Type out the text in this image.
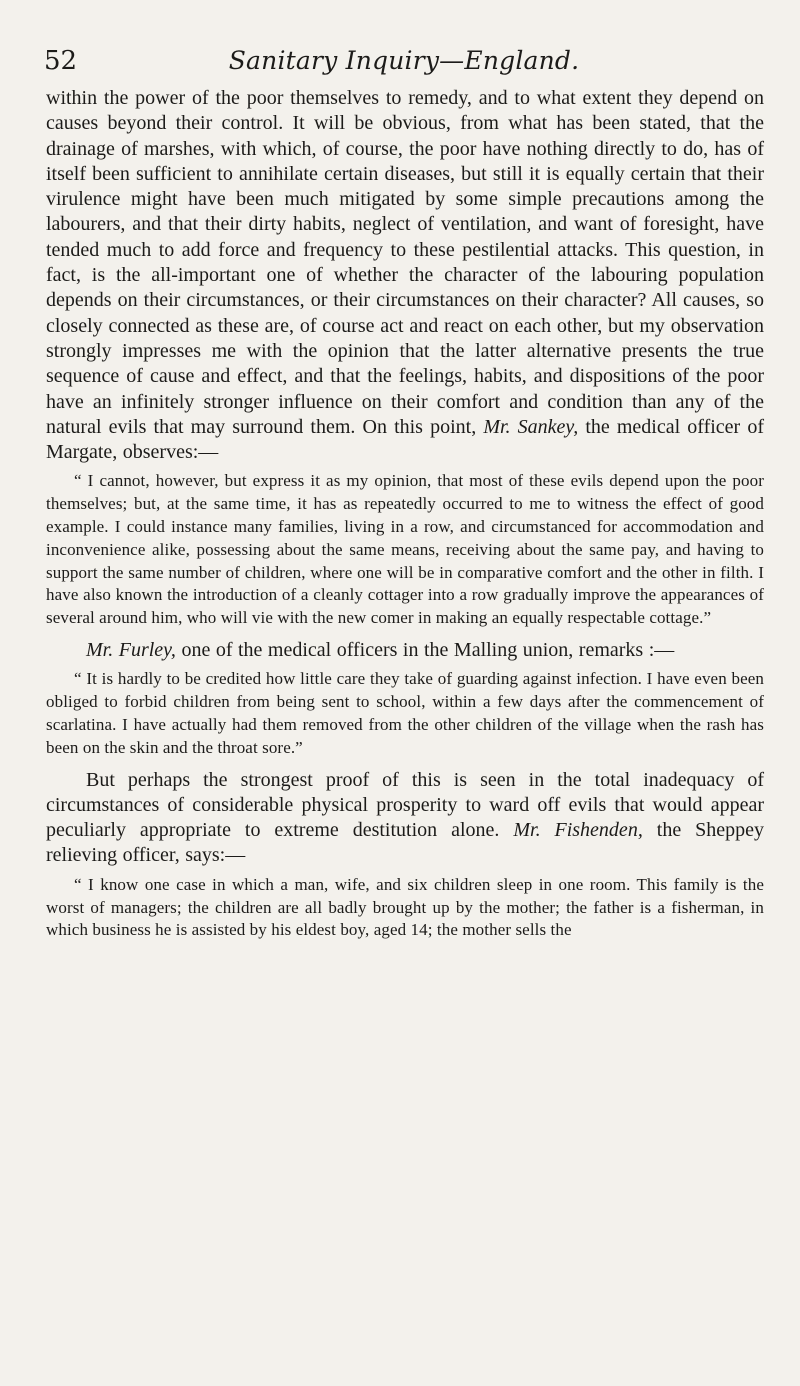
52	Sanitary Inquiry—England.

within the power of the poor themselves to remedy, and to what extent they depend on causes beyond their control. It will be obvious, from what has been stated, that the drainage of marshes, with which, of course, the poor have nothing directly to do, has of itself been sufficient to annihilate certain diseases, but still it is equally certain that their virulence might have been much mitigated by some simple precautions among the labourers, and that their dirty habits, neglect of ventilation, and want of foresight, have tended much to add force and frequency to these pestilential attacks. This question, in fact, is the all-important one of whether the character of the labouring population depends on their circumstances, or their circumstances on their character? All causes, so closely connected as these are, of course act and react on each other, but my observation strongly impresses me with the opinion that the latter alternative presents the true sequence of cause and effect, and that the feelings, habits, and dispositions of the poor have an infinitely stronger influence on their comfort and condition than any of the natural evils that may surround them. On this point, Mr. Sankey, the medical officer of Margate, observes:—

“ I cannot, however, but express it as my opinion, that most of these evils depend upon the poor themselves; but, at the same time, it has as repeatedly occurred to me to witness the effect of good example. I could instance many families, living in a row, and circumstanced for accommodation and inconvenience alike, possessing about the same means, receiving about the same pay, and having to support the same number of children, where one will be in comparative comfort and the other in filth. I have also known the introduction of a cleanly cottager into a row gradually improve the appearances of several around him, who will vie with the new comer in making an equally respectable cottage.”

Mr. Furley, one of the medical officers in the Malling union, remarks :—

“ It is hardly to be credited how little care they take of guarding against infection. I have even been obliged to forbid children from being sent to school, within a few days after the commencement of scarlatina. I have actually had them removed from the other children of the village when the rash has been on the skin and the throat sore.”

But perhaps the strongest proof of this is seen in the total inadequacy of circumstances of considerable physical prosperity to ward off evils that would appear peculiarly appropriate to extreme destitution alone. Mr. Fishenden, the Sheppey relieving officer, says:—

“ I know one case in which a man, wife, and six children sleep in one room. This family is the worst of managers; the children are all badly brought up by the mother; the father is a fisherman, in which business he is assisted by his eldest boy, aged 14; the mother sells the
